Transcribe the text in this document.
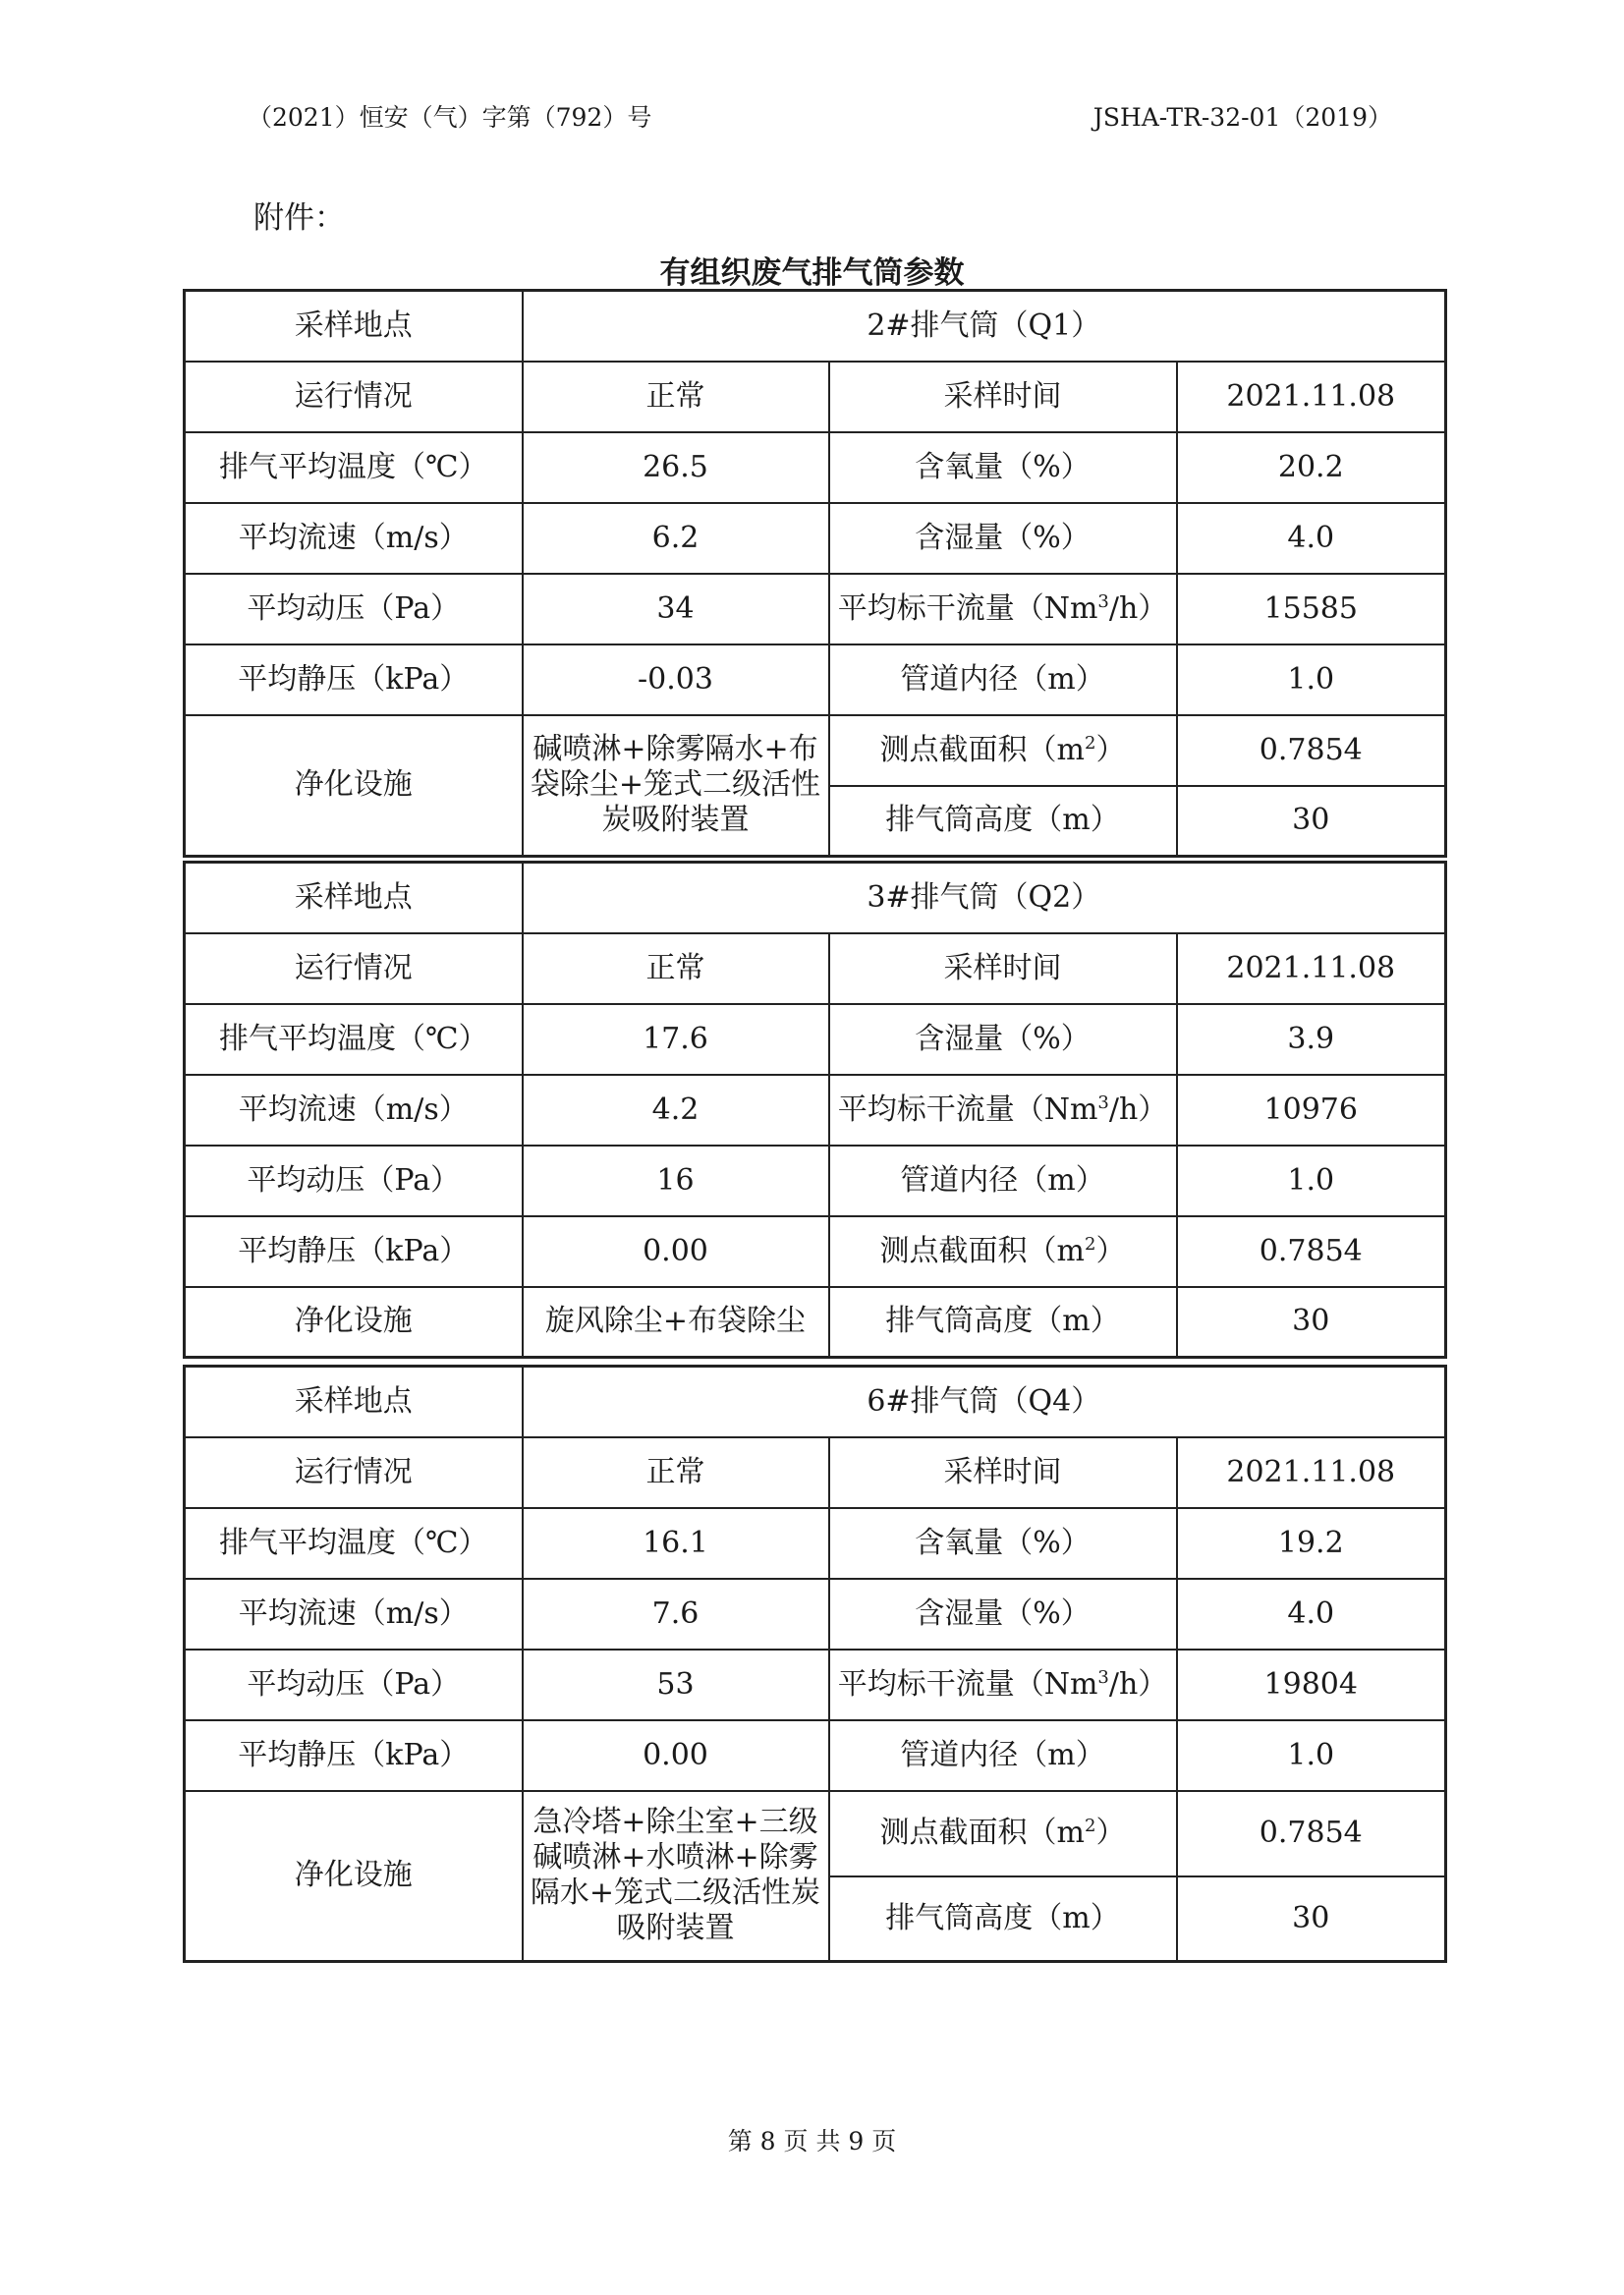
（2021）恒安（气）字第（792）号	JSHA-TR-32-01（2019）
附件：
有组织废气排气筒参数
采样地点	2#排气筒（Q1）		
运行情况	正常	采样时间	2021.11.08
排气平均温度（℃）	26.5	含氧量（%）	20.2
平均流速（m/s）	6.2	含湿量（%）	4.0
平均动压（Pa）	34	平均标干流量（Nm$^3$/h）	15585
平均静压（kPa）	-0.03	管道内径（m）	1.0
净化设施	碱喷淋+除雾隔水+布袋除尘+笼式二级活性炭吸附装置	测点截面积$(m^2)$	0.7854
		排气筒高度（m）	30
采样地点	3#排气筒（Q2）		
运行情况	正常	采样时间	2021.11.08
排气平均温度（℃）	17.6	含湿量（%）	3.9
平均流速（m/s）	4.2	平均标干流量（Nm$^3$/h）	10976
平均动压（Pa）	16	管道内径（m）	1.0
平均静压（kPa）	0.00	测点截面积$(m^2)$	0.7854
净化设施	旋风除尘+布袋除尘	排气筒高度（m）	30
采样地点	6#排气筒（Q4）		
运行情况	正常	采样时间	2021.11.08
排气平均温度（℃）	16.1	含氧量（%）	19.2
平均流速（m/s）	7.6	含湿量（%）	4.0
平均动压（Pa）	53	平均标干流量（Nm$^3$/h）	19804
平均静压（kPa）	0.00	管道内径（m）	1.0
净化设施	急冷塔+除尘室+三级碱喷淋+水喷淋+除雾隔水+笼式二级活性炭吸附装置	测点截面积$(m^2)$	0.7854
		排气筒高度（m）	30
第 8 页 共 9 页
